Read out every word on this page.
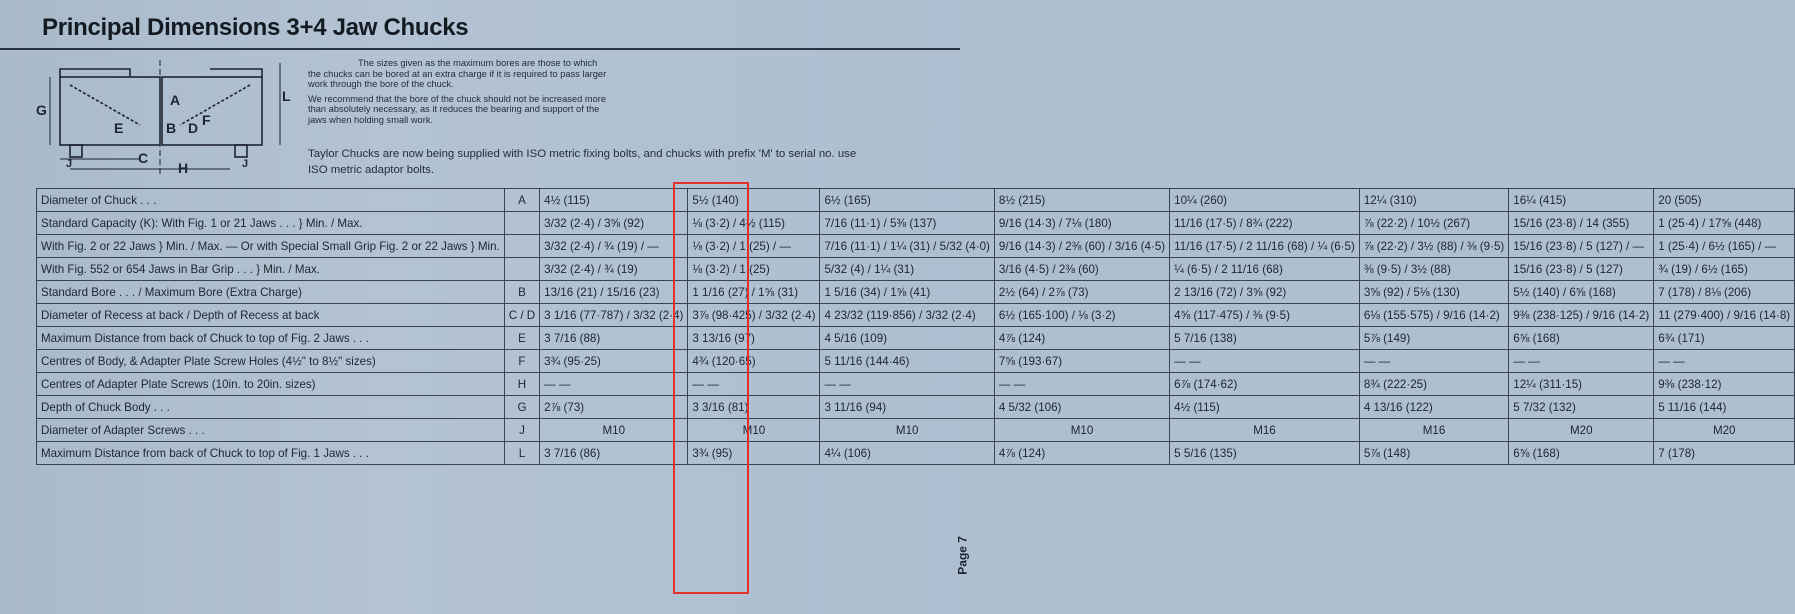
Principal Dimensions 3+4 Jaw Chucks
G
E
C
H
L
A
B D F
J	J

The sizes given as the maximum bores are those to which the chucks can be bored at an extra charge if it is required to pass larger work through the bore of the chuck.

We recommend that the bore of the chuck should not be increased more than absolutely necessary, as it reduces the bearing and support of the jaws when holding small work.

Taylor Chucks are now being supplied with ISO metric fixing bolts, and chucks with prefix 'M' to serial no. use ISO metric adaptor bolts.
Diameter of Chuck . . .	A	4½ (115)	5½ (140)	6½ (165)	8½ (215)	10¼ (260)	12¼ (310)	16¼ (415)	20 (505)
Standard Capacity (K): With Fig. 1 or 21 Jaws . . . } Min. / Max.		3/32 (2·4) / 3⅝ (92)	⅛ (3·2) / 4½ (115)	7/16 (11·1) / 5⅜ (137)	9/16 (14·3) / 7⅛ (180)	11/16 (17·5) / 8¾ (222)	⅞ (22·2) / 10½ (267)	15/16 (23·8) / 14 (355)	1 (25·4) / 17⅝ (448)
With Fig. 2 or 22 Jaws } Min. / Max. — Or with Special Small Grip Fig. 2 or 22 Jaws } Min.		3/32 (2·4) / ¾ (19) / —	⅛ (3·2) / 1 (25) / —	7/16 (11·1) / 1¼ (31) / 5/32 (4·0)	9/16 (14·3) / 2⅜ (60) / 3/16 (4·5)	11/16 (17·5) / 2 11/16 (68) / ¼ (6·5)	⅞ (22·2) / 3½ (88) / ⅜ (9·5)	15/16 (23·8) / 5 (127) / —	1 (25·4) / 6½ (165) / —
With Fig. 552 or 654 Jaws in Bar Grip . . . } Min. / Max.		3/32 (2·4) / ¾ (19)	⅛ (3·2) / 1 (25)	5/32 (4) / 1¼ (31)	3/16 (4·5) / 2⅜ (60)	¼ (6·5) / 2 11/16 (68)	⅜ (9·5) / 3½ (88)	15/16 (23·8) / 5 (127)	¾ (19) / 6½ (165)
Standard Bore . . . / Maximum Bore (Extra Charge)	B	13/16 (21) / 15/16 (23)	1 1/16 (27) / 1⅝ (31)	1 5/16 (34) / 1⅝ (41)	2½ (64) / 2⅞ (73)	2 13/16 (72) / 3⅝ (92)	3⅝ (92) / 5⅛ (130)	5½ (140) / 6⅝ (168)	7 (178) / 8⅛ (206)
Diameter of Recess at back / Depth of Recess at back	C / D	3 1/16 (77·787) / 3/32 (2·4)	3⅞ (98·425) / 3/32 (2·4)	4 23/32 (119·856) / 3/32 (2·4)	6½ (165·100) / ⅛ (3·2)	4⅝ (117·475) / ⅜ (9·5)	6⅛ (155·575) / 9/16 (14·2)	9⅜ (238·125) / 9/16 (14·2)	11 (279·400) / 9/16 (14·8)
Maximum Distance from back of Chuck to top of Fig. 2 Jaws . . .	E	3 7/16 (88)	3 13/16 (97)	4 5/16 (109)	4⅞ (124)	5 7/16 (138)	5⅞ (149)	6⅝ (168)	6¾ (171)
Centres of Body, & Adapter Plate Screw Holes (4½" to 8½" sizes)	F	3¾ (95·25)	4¾ (120·65)	5 11/16 (144·46)	7⅝ (193·67)	— —	— —	— —	— —
Centres of Adapter Plate Screws (10in. to 20in. sizes)	H	— —	— —	— —	— —	6⅞ (174·62)	8¾ (222·25)	12¼ (311·15)	9⅜ (238·12)
Depth of Chuck Body . . .	G	2⅞ (73)	3 3/16 (81)	3 11/16 (94)	4 5/32 (106)	4½ (115)	4 13/16 (122)	5 7/32 (132)	5 11/16 (144)
Diameter of Adapter Screws . . .	J	M10	M10	M10	M10	M16	M16	M20	M20
Maximum Distance from back of Chuck to top of Fig. 1 Jaws . . .	L	3 7/16 (86)	3¾ (95)	4¼ (106)	4⅞ (124)	5 5/16 (135)	5⅞ (148)	6⅝ (168)	7 (178)
Page 7
